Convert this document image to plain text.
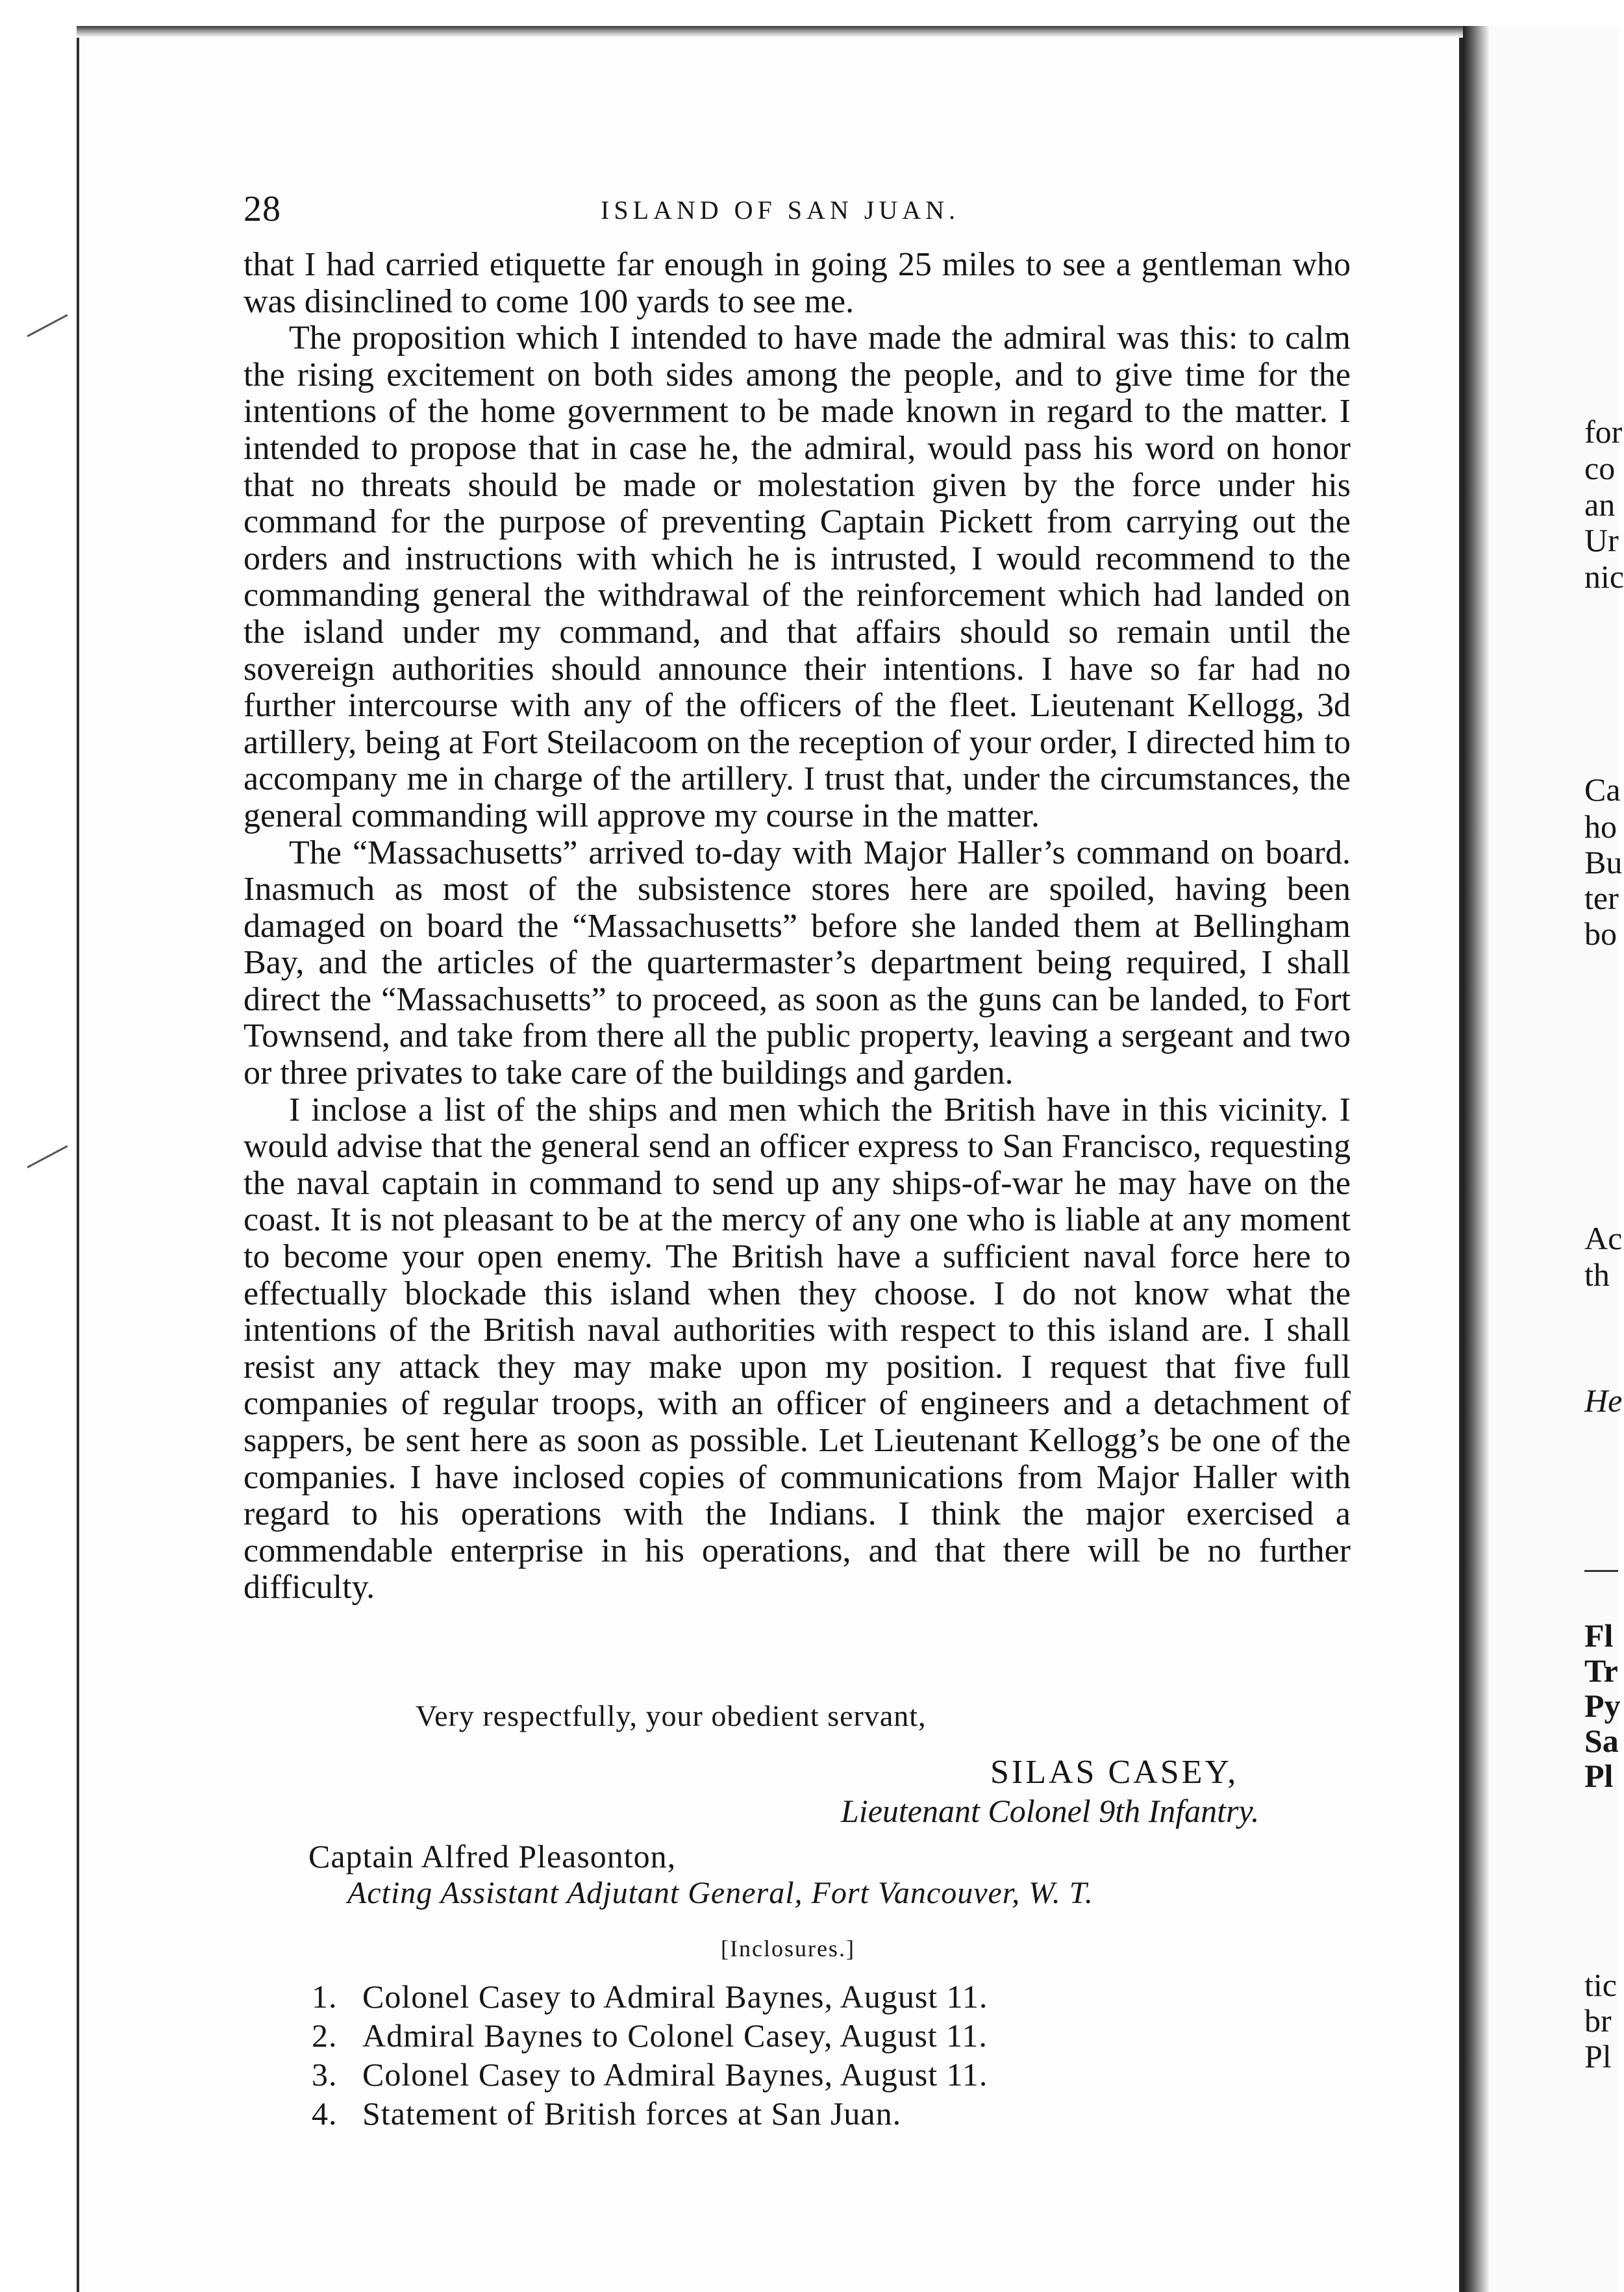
28	ISLAND OF SAN JUAN.

that I had carried etiquette far enough in going 25 miles to see a gentleman who was disinclined to come 100 yards to see me.

The proposition which I intended to have made the admiral was this: to calm the rising excitement on both sides among the people, and to give time for the intentions of the home government to be made known in regard to the matter. I intended to propose that in case he, the admiral, would pass his word on honor that no threats should be made or molestation given by the force under his command for the purpose of preventing Captain Pickett from carrying out the orders and instructions with which he is intrusted, I would recommend to the commanding general the withdrawal of the reinforcement which had landed on the island under my command, and that affairs should so remain until the sovereign authorities should announce their intentions. I have so far had no further intercourse with any of the officers of the fleet. Lieutenant Kellogg, 3d artillery, being at Fort Steilacoom on the reception of your order, I directed him to accompany me in charge of the artillery. I trust that, under the circumstances, the general commanding will approve my course in the matter.

The “Massachusetts” arrived to-day with Major Haller’s command on board. Inasmuch as most of the subsistence stores here are spoiled, having been damaged on board the “Massachusetts” before she landed them at Bellingham Bay, and the articles of the quartermaster’s department being required, I shall direct the “Massachusetts” to proceed, as soon as the guns can be landed, to Fort Townsend, and take from there all the public property, leaving a sergeant and two or three privates to take care of the buildings and garden.

I inclose a list of the ships and men which the British have in this vicinity. I would advise that the general send an officer express to San Francisco, requesting the naval captain in command to send up any ships-of-war he may have on the coast. It is not pleasant to be at the mercy of any one who is liable at any moment to become your open enemy. The British have a sufficient naval force here to effectually blockade this island when they choose. I do not know what the intentions of the British naval authorities with respect to this island are. I shall resist any attack they may make upon my position. I request that five full companies of regular troops, with an officer of engineers and a detachment of sappers, be sent here as soon as possible. Let Lieutenant Kellogg’s be one of the companies. I have inclosed copies of communications from Major Haller with regard to his operations with the Indians. I think the major exercised a commendable enterprise in his operations, and that there will be no further difficulty.

Very respectfully, your obedient servant,
SILAS CASEY,
Lieutenant Colonel 9th Infantry.
Captain Alfred Pleasonton,
Acting Assistant Adjutant General, Fort Vancouver, W. T.
[Inclosures.]
1. Colonel Casey to Admiral Baynes, August 11.
2. Admiral Baynes to Colonel Casey, August 11.
3. Colonel Casey to Admiral Baynes, August 11.
4. Statement of British forces at San Juan.
for
co
an
Ur
nic
Ca
ho
Bu
ter
bo
Ac
th
He
Fl
Tr
Py
Sa
Pl
tic
br
Pl
